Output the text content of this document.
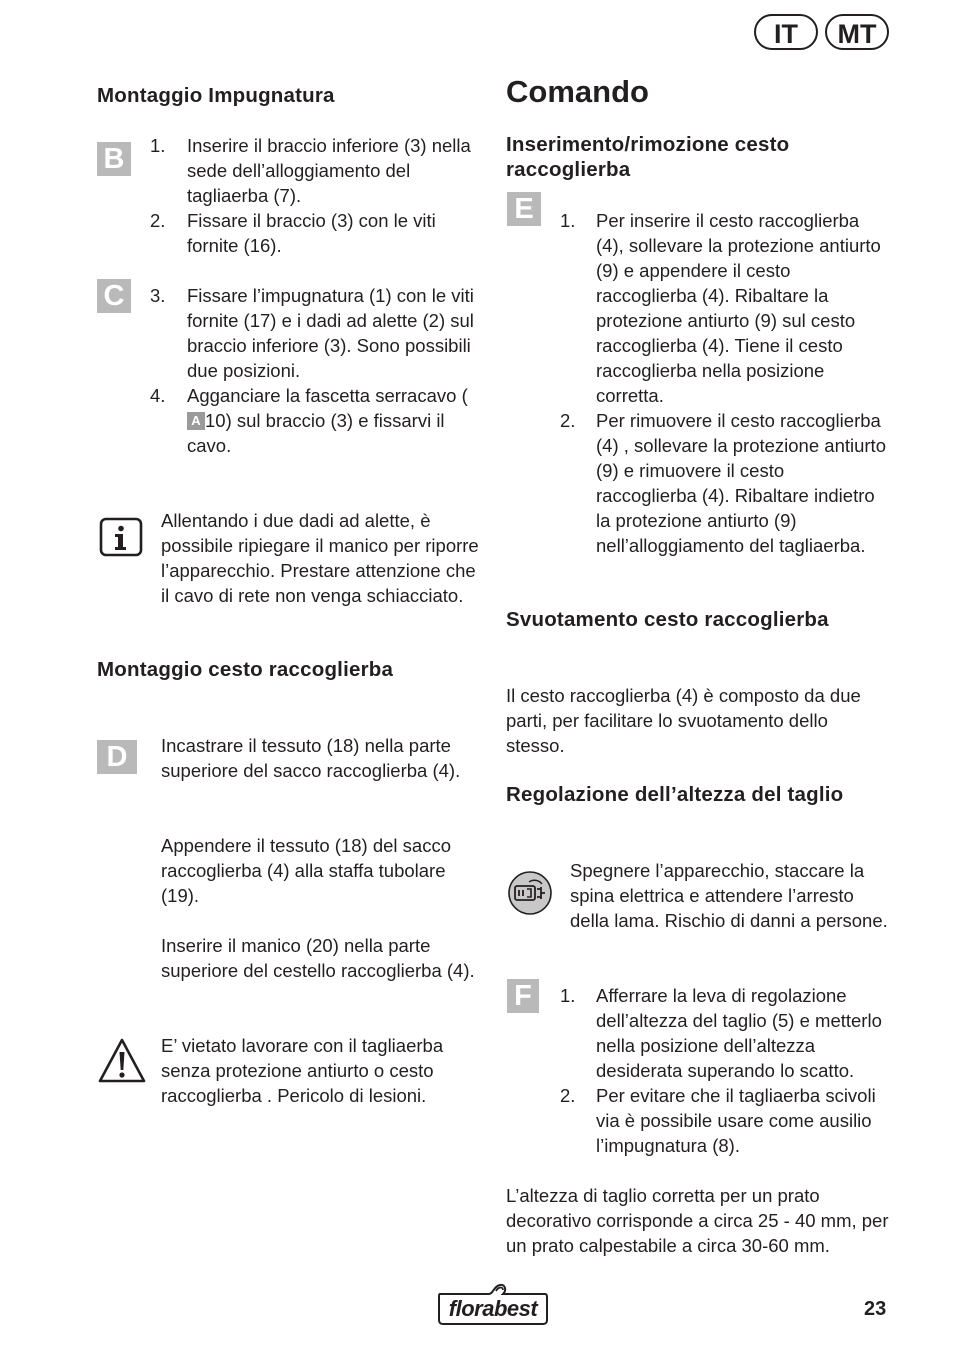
IT	MT
Montaggio Impugnatura
B	1. Inserire il braccio inferiore (3) nella sede dell’alloggiamento del tagliaerba (7).
2. Fissare il braccio (3) con le viti fornite (16).
C	3. Fissare l’impugnatura (1) con le viti fornite (17) e i dadi ad alette (2) sul braccio inferiore (3). Sono possibili due posizioni.
4. Agganciare la fascetta serracavo (A 10) sul braccio (3) e fissarvi il cavo.
Allentando i due dadi ad alette, è possibile ripiegare il manico per riporre l’apparecchio. Prestare attenzione che il cavo di rete non venga schiacciato.
Montaggio cesto raccoglierba
D	Incastrare il tessuto (18) nella parte superiore del sacco raccoglierba (4).
Appendere il tessuto (18) del sacco raccoglierba (4) alla staffa tubolare (19).
Inserire il manico (20) nella parte superiore del cestello raccoglierba (4).
E’ vietato lavorare con il tagliaerba senza protezione antiurto o cesto raccoglierba . Pericolo di lesioni.
Comando
Inserimento/rimozione cesto raccoglierba
E	1. Per inserire il cesto raccoglierba (4), sollevare la protezione antiurto (9) e appendere il cesto raccoglierba (4). Ribaltare la protezione antiurto (9) sul cesto raccoglierba (4). Tiene il cesto raccoglierba nella posizione corretta.
2. Per rimuovere il cesto raccoglierba (4) , sollevare la protezione antiurto (9) e rimuovere il cesto raccoglierba (4). Ribaltare indietro la protezione antiurto (9) nell’alloggiamento del tagliaerba.
Svuotamento cesto raccoglierba
Il cesto raccoglierba (4) è composto da due parti, per facilitare lo svuotamento dello stesso.
Regolazione dell’altezza del taglio
Spegnere l’apparecchio, staccare la spina elettrica e attendere l’arresto della lama. Rischio di danni a persone.
F	1. Afferrare la leva di regolazione dell’altezza del taglio (5) e metterlo nella posizione dell’altezza desiderata superando lo scatto.
2. Per evitare che il tagliaerba scivoli via è possibile usare come ausilio l’impugnatura (8).
L’altezza di taglio corretta per un prato decorativo corrisponde a circa 25 - 40 mm, per un prato calpestabile a circa 30-60 mm.
florabest	23
